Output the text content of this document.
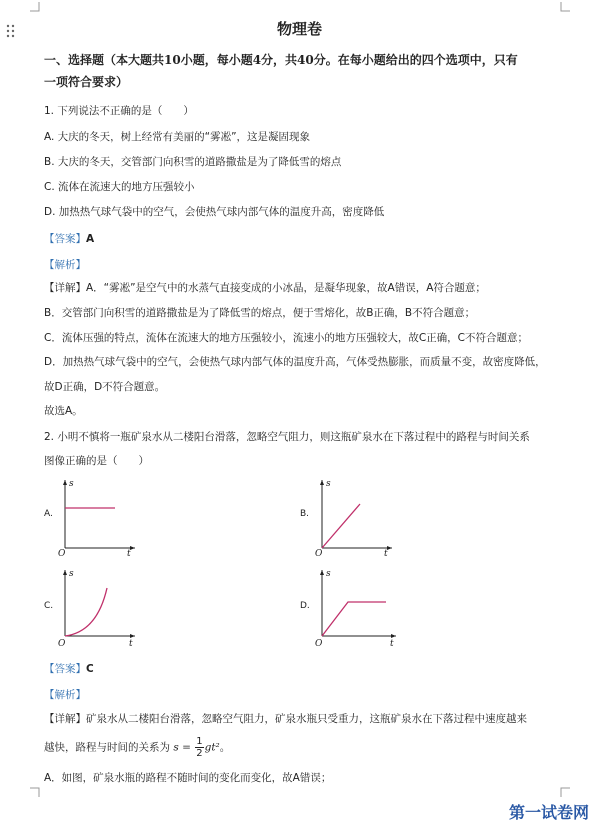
物理卷
一、选择题（本大题共10小题，每小题4分，共40分。在每小题给出的四个选项中，只有
一项符合要求）
1. 下列说法不正确的是（　　）
A. 大庆的冬天，树上经常有美丽的“雾凇”，这是凝固现象
B. 大庆的冬天，交管部门向积雪的道路撒盐是为了降低雪的熔点
C. 流体在流速大的地方压强较小
D. 加热热气球气袋中的空气，会使热气球内部气体的温度升高，密度降低
【答案】A
【解析】
【详解】A．“雾凇”是空气中的水蒸气直接变成的小冰晶，是凝华现象，故A错误，A符合题意；
B．交管部门向积雪的道路撒盐是为了降低雪的熔点，便于雪熔化，故B正确，B不符合题意；
C．流体压强的特点，流体在流速大的地方压强较小，流速小的地方压强较大，故C正确，C不符合题意；
D．加热热气球气袋中的空气，会使热气球内部气体的温度升高，气体受热膨胀，而质量不变，故密度降低，
故D正确，D不符合题意。
故选A。
2. 小明不慎将一瓶矿泉水从二楼阳台滑落，忽略空气阻力，则这瓶矿泉水在下落过程中的路程与时间关系
图像正确的是（　　）
A.
s
t
O
B.
s
t
O
C.
s
t
O
D.
s
t
O
【答案】C
【解析】
【详解】矿泉水从二楼阳台滑落，忽略空气阻力，矿泉水瓶只受重力，这瓶矿泉水在下落过程中速度越来
越快，路程与时间的关系为 $s = \frac{1}{2} gt^2$。
A．如图，矿泉水瓶的路程不随时间的变化而变化，故A错误；
第一试卷网
